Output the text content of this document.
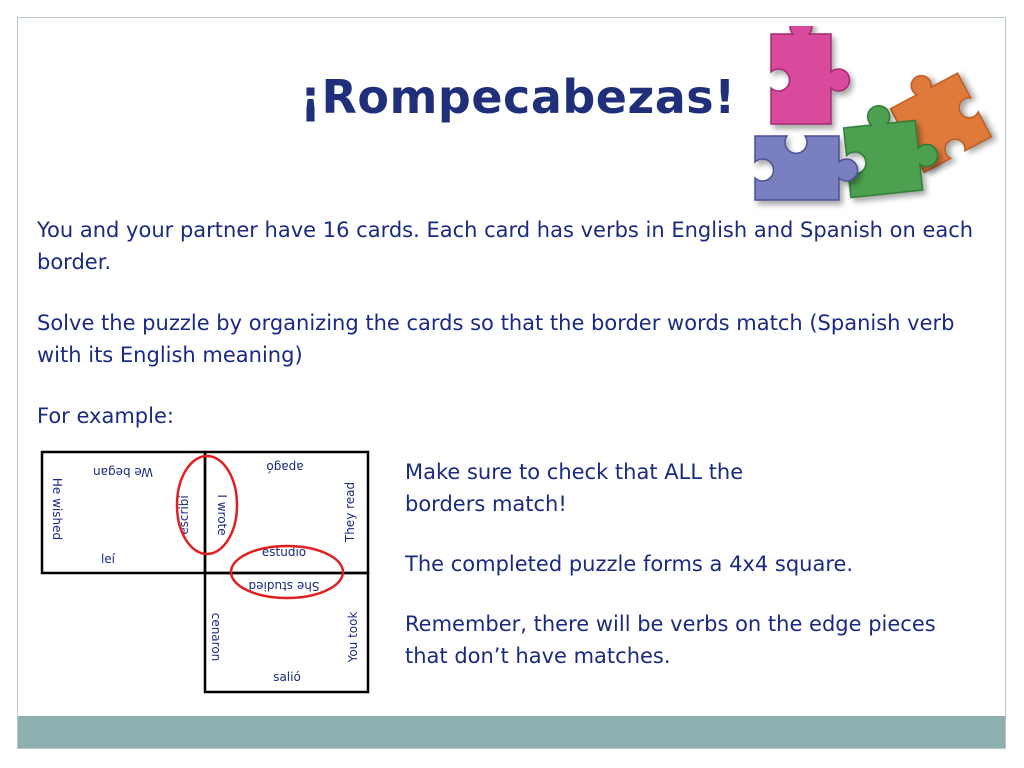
¡Rompecabezas!

You and your partner have 16 cards. Each card has verbs in English and Spanish on each border.

Solve the puzzle by organizing the cards so that the border words match (Spanish verb with its English meaning)

For example:

We began
He wished	escribí
leí
apagó
I wrote	They read
estudió
She studied
cenaron	You took
salió

Make sure to check that ALL the borders match!

The completed puzzle forms a 4x4 square.

Remember, there will be verbs on the edge pieces that don’t have matches.
